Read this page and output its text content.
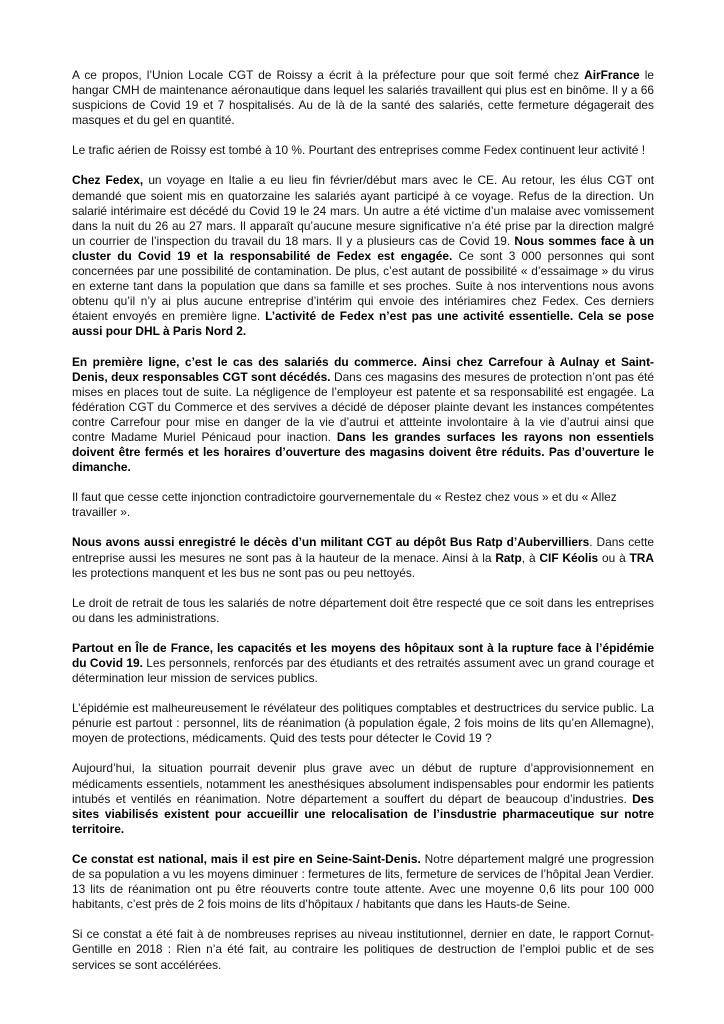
A ce propos, l’Union Locale CGT de Roissy a écrit à la préfecture pour que soit fermé chez AirFrance le hangar CMH de maintenance aéronautique dans lequel les salariés travaillent qui plus est en binôme. Il y a 66 suspicions de Covid 19 et 7 hospitalisés. Au de là de la santé des salariés, cette fermeture dégagerait des masques et du gel en quantité.

Le trafic aérien de Roissy est tombé à 10 %. Pourtant des entreprises comme Fedex continuent leur activité !

Chez Fedex, un voyage en Italie a eu lieu fin février/début mars avec le CE. Au retour, les élus CGT ont demandé que soient mis en quatorzaine les salariés ayant participé à ce voyage. Refus de la direction. Un salarié intérimaire est décédé du Covid 19 le 24 mars. Un autre a été victime d’un malaise avec vomissement dans la nuit du 26 au 27 mars. Il apparaît qu’aucune mesure significative n’a été prise par la direction malgré un courrier de l’inspection du travail du 18 mars. Il y a plusieurs cas de Covid 19. Nous sommes face à un cluster du Covid 19 et la responsabilité de Fedex est engagée. Ce sont 3 000 personnes qui sont concernées par une possibilité de contamination. De plus, c’est autant de possibilité « d’essaimage » du virus en externe tant dans la population que dans sa famille et ses proches. Suite à nos interventions nous avons obtenu qu’il n’y ai plus aucune entreprise d’intérim qui envoie des intériamires chez Fedex. Ces derniers étaient envoyés en première ligne. L’activité de Fedex n’est pas une activité essentielle. Cela se pose aussi pour DHL à Paris Nord 2.

En première ligne, c’est le cas des salariés du commerce. Ainsi chez Carrefour à Aulnay et Saint-Denis, deux responsables CGT sont décédés. Dans ces magasins des mesures de protection n’ont pas été mises en places tout de suite. La négligence de l’employeur est patente et sa responsabilité est engagée. La fédération CGT du Commerce et des servives a décidé de déposer plainte devant les instances compétentes contre Carrefour pour mise en danger de la vie d’autrui et attteinte involontaire à la vie d’autrui ainsi que contre Madame Muriel Pénicaud pour inaction. Dans les grandes surfaces les rayons non essentiels doivent être fermés et les horaires d’ouverture des magasins doivent être réduits. Pas d’ouverture le dimanche.

Il faut que cesse cette injonction contradictoire gourvernementale du « Restez chez vous » et du « Allez travailler ».

Nous avons aussi enregistré le décès d’un militant CGT au dépôt Bus Ratp d’Aubervilliers. Dans cette entreprise aussi les mesures ne sont pas à la hauteur de la menace. Ainsi à la Ratp, à CIF Kéolis ou à TRA les protections manquent et les bus ne sont pas ou peu nettoyés.

Le droit de retrait de tous les salariés de notre département doit être respecté que ce soit dans les entreprises ou dans les administrations.

Partout en Île de France, les capacités et les moyens des hôpitaux sont à la rupture face à l’épidémie du Covid 19. Les personnels, renforcés par des étudiants et des retraités assument avec un grand courage et détermination leur mission de services publics.

L’épidémie est malheureusement le révélateur des politiques comptables et destructrices du service public. La pénurie est partout : personnel, lits de réanimation (à population égale, 2 fois moins de lits qu’en Allemagne), moyen de protections, médicaments. Quid des tests pour détecter le Covid 19 ?

Aujourd’hui, la situation pourrait devenir plus grave avec un début de rupture d’approvisionnement en médicaments essentiels, notamment les anesthésiques absolument indispensables pour endormir les patients intubés et ventilés en réanimation. Notre département a souffert du départ de beaucoup d’industries. Des sites viabilisés existent pour accueillir une relocalisation de l’insdustrie pharmaceutique sur notre territoire.

Ce constat est national, mais il est pire en Seine-Saint-Denis. Notre département malgré une progression de sa population a vu les moyens diminuer : fermetures de lits, fermeture de services de l’hôpital Jean Verdier. 13 lits de réanimation ont pu être réouverts contre toute attente. Avec une moyenne 0,6 lits pour 100 000 habitants, c’est près de 2 fois moins de lits d’hôpitaux / habitants que dans les Hauts-de Seine.

Si ce constat a été fait à de nombreuses reprises au niveau institutionnel, dernier en date, le rapport Cornut-Gentille en 2018 : Rien n’a été fait, au contraire les politiques de destruction de l’emploi public et de ses services se sont accélérées.
